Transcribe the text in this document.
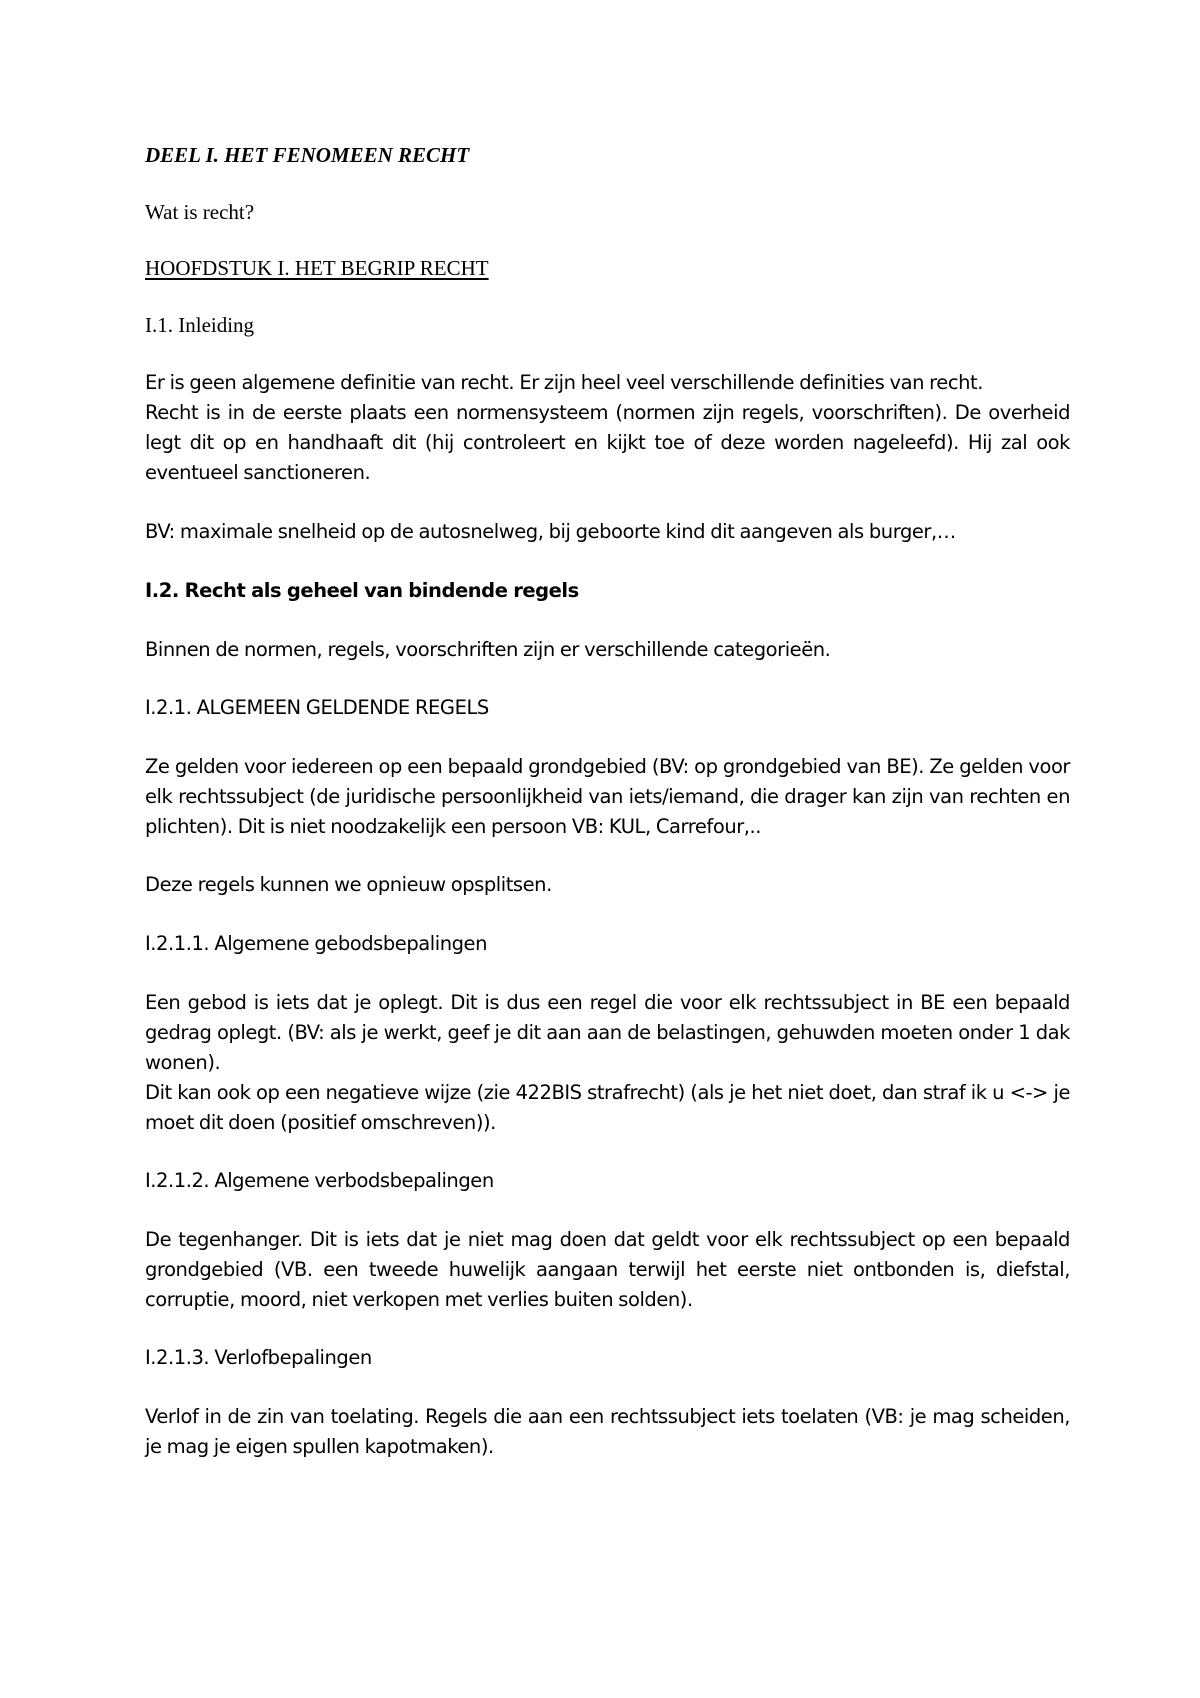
DEEL I. HET FENOMEEN RECHT

Wat is recht?

HOOFDSTUK I. HET BEGRIP RECHT
I.1. Inleiding

Er is geen algemene definitie van recht. Er zijn heel veel verschillende definities van recht.

Recht is in de eerste plaats een normensysteem (normen zijn regels, voorschriften). De overheid legt dit op en handhaaft dit (hij controleert en kijkt toe of deze worden nageleefd). Hij zal ook eventueel sanctioneren.

BV: maximale snelheid op de autosnelweg, bij geboorte kind dit aangeven als burger,…

I.2. Recht als geheel van bindende regels

Binnen de normen, regels, voorschriften zijn er verschillende categorieën.

I.2.1. ALGEMEEN GELDENDE REGELS

Ze gelden voor iedereen op een bepaald grondgebied (BV: op grondgebied van BE). Ze gelden voor elk rechtssubject (de juridische persoonlijkheid van iets/iemand, die drager kan zijn van rechten en plichten). Dit is niet noodzakelijk een persoon VB: KUL, Carrefour,..

Deze regels kunnen we opnieuw opsplitsen.

I.2.1.1. Algemene gebodsbepalingen

Een gebod is iets dat je oplegt. Dit is dus een regel die voor elk rechtssubject in BE een bepaald gedrag oplegt. (BV: als je werkt, geef je dit aan aan de belastingen, gehuwden moeten onder 1 dak wonen).

Dit kan ook op een negatieve wijze (zie 422BIS strafrecht) (als je het niet doet, dan straf ik u <-> je moet dit doen (positief omschreven)).

I.2.1.2. Algemene verbodsbepalingen

De tegenhanger. Dit is iets dat je niet mag doen dat geldt voor elk rechtssubject op een bepaald grondgebied (VB. een tweede huwelijk aangaan terwijl het eerste niet ontbonden is, diefstal, corruptie, moord, niet verkopen met verlies buiten solden).

I.2.1.3. Verlofbepalingen

Verlof in de zin van toelating. Regels die aan een rechtssubject iets toelaten (VB: je mag scheiden, je mag je eigen spullen kapotmaken).
